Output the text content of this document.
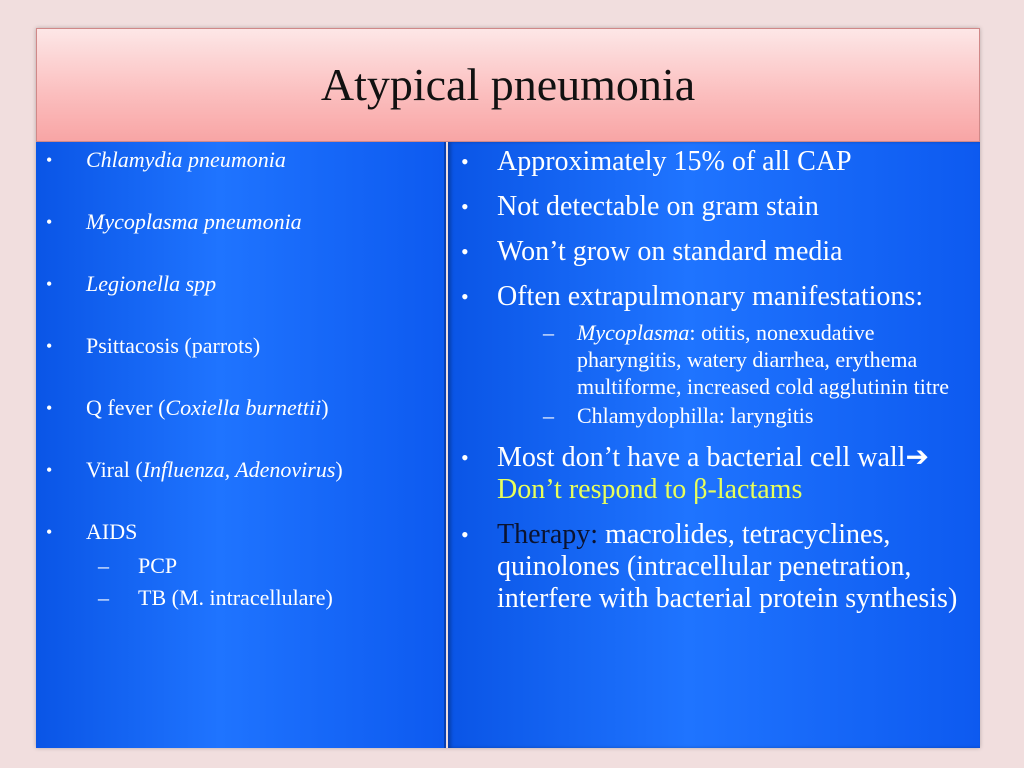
Atypical pneumonia
• Chlamydia pneumonia
• Mycoplasma pneumonia
• Legionella spp
• Psittacosis (parrots)
• Q fever (Coxiella burnettii)
• Viral (Influenza, Adenovirus)
• AIDS
– PCP
– TB (M. intracellulare)
• Approximately 15% of all CAP
• Not detectable on gram stain
• Won’t grow on standard media
• Often extrapulmonary manifestations:
– Mycoplasma: otitis, nonexudative pharyngitis, watery diarrhea, erythema multiforme, increased cold agglutinin titre
– Chlamydophilla: laryngitis
• Most don’t have a bacterial cell wall➔ Don’t respond to β-lactams
• Therapy: macrolides, tetracyclines, quinolones (intracellular penetration, interfere with bacterial protein synthesis)
